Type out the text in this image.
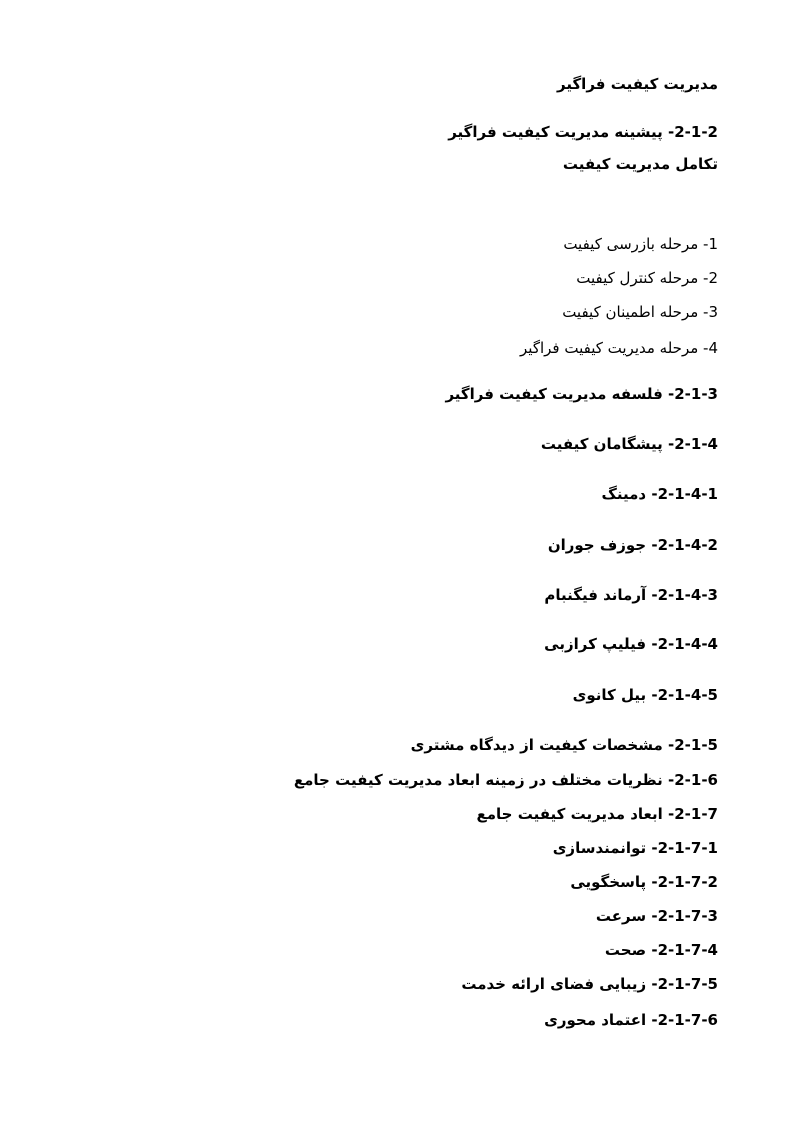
مدیریت کیفیت فراگیر
2-1-2- پیشینه مدیریت کیفیت فراگیر
تکامل مدیریت کیفیت
1- مرحله بازرسی کیفیت
2- مرحله کنترل کیفیت
3- مرحله اطمینان کیفیت
4- مرحله مدیریت کیفیت فراگیر
2-1-3- فلسفه مدیریت کیفیت فراگیر
2-1-4- پیشگامان کیفیت
2-1-4-1- دمینگ
2-1-4-2- جوزف جوران
2-1-4-3- آرماند فیگنبام
2-1-4-4- فیلیپ کرازبی
2-1-4-5- بیل کانوی
2-1-5- مشخصات کیفیت از دیدگاه مشتری
2-1-6- نظریات مختلف در زمینه ابعاد مدیریت کیفیت جامع
2-1-7- ابعاد مدیریت کیفیت جامع
2-1-7-1- توانمندسازی
2-1-7-2- پاسخگویی
2-1-7-3- سرعت
2-1-7-4- صحت
2-1-7-5- زیبایی فضای ارائه خدمت
2-1-7-6- اعتماد محوری
